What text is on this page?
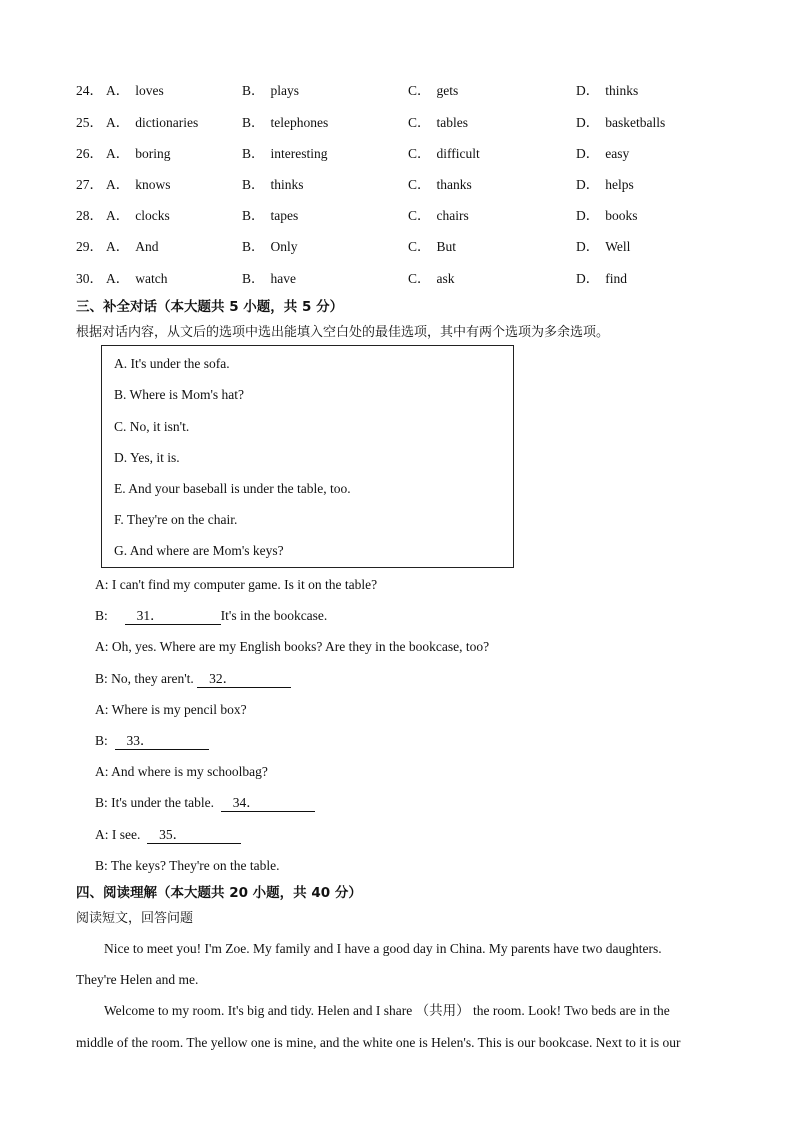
24． A． loves	B． plays	C． gets	D． thinks
25． A． dictionaries	B． telephones	C． tables	D． basketballs
26． A． boring	B． interesting	C． difficult	D． easy
27． A． knows	B． thinks	C． thanks	D． helps
28． A． clocks	B． tapes	C． chairs	D． books
29． A． And	B． Only	C． But	D． Well
30． A． watch	B． have	C． ask	D． find
三、补全对话（本大题共 5 小题，共 5 分）
根据对话内容，从文后的选项中选出能填入空白处的最佳选项，其中有两个选项为多余选项。
A. It's under the sofa.
B. Where is Mom's hat?
C. No, it isn't.
D. Yes, it is.
E. And your baseball is under the table, too.
F. They're on the chair.
G. And where are Mom's keys?
A: I can't find my computer game. Is it on the table?
B:     31．	It's in the bookcase.
A: Oh, yes. Where are my English books? Are they in the bookcase, too?
B: No, they aren't. 32．
A: Where is my pencil box?
B:  33．
A: And where is my schoolbag?
B: It's under the table.  34．
A: I see.  35．
B: The keys? They're on the table.
四、阅读理解（本大题共 20 小题，共 40 分）
阅读短文，回答问题
Nice to meet you! I'm Zoe. My family and I have a good day in China. My parents have two daughters.
They're Helen and me.
Welcome to my room. It's big and tidy. Helen and I share （共用） the room. Look! Two beds are in the
middle of the room. The yellow one is mine, and the white one is Helen's. This is our bookcase. Next to it is our
